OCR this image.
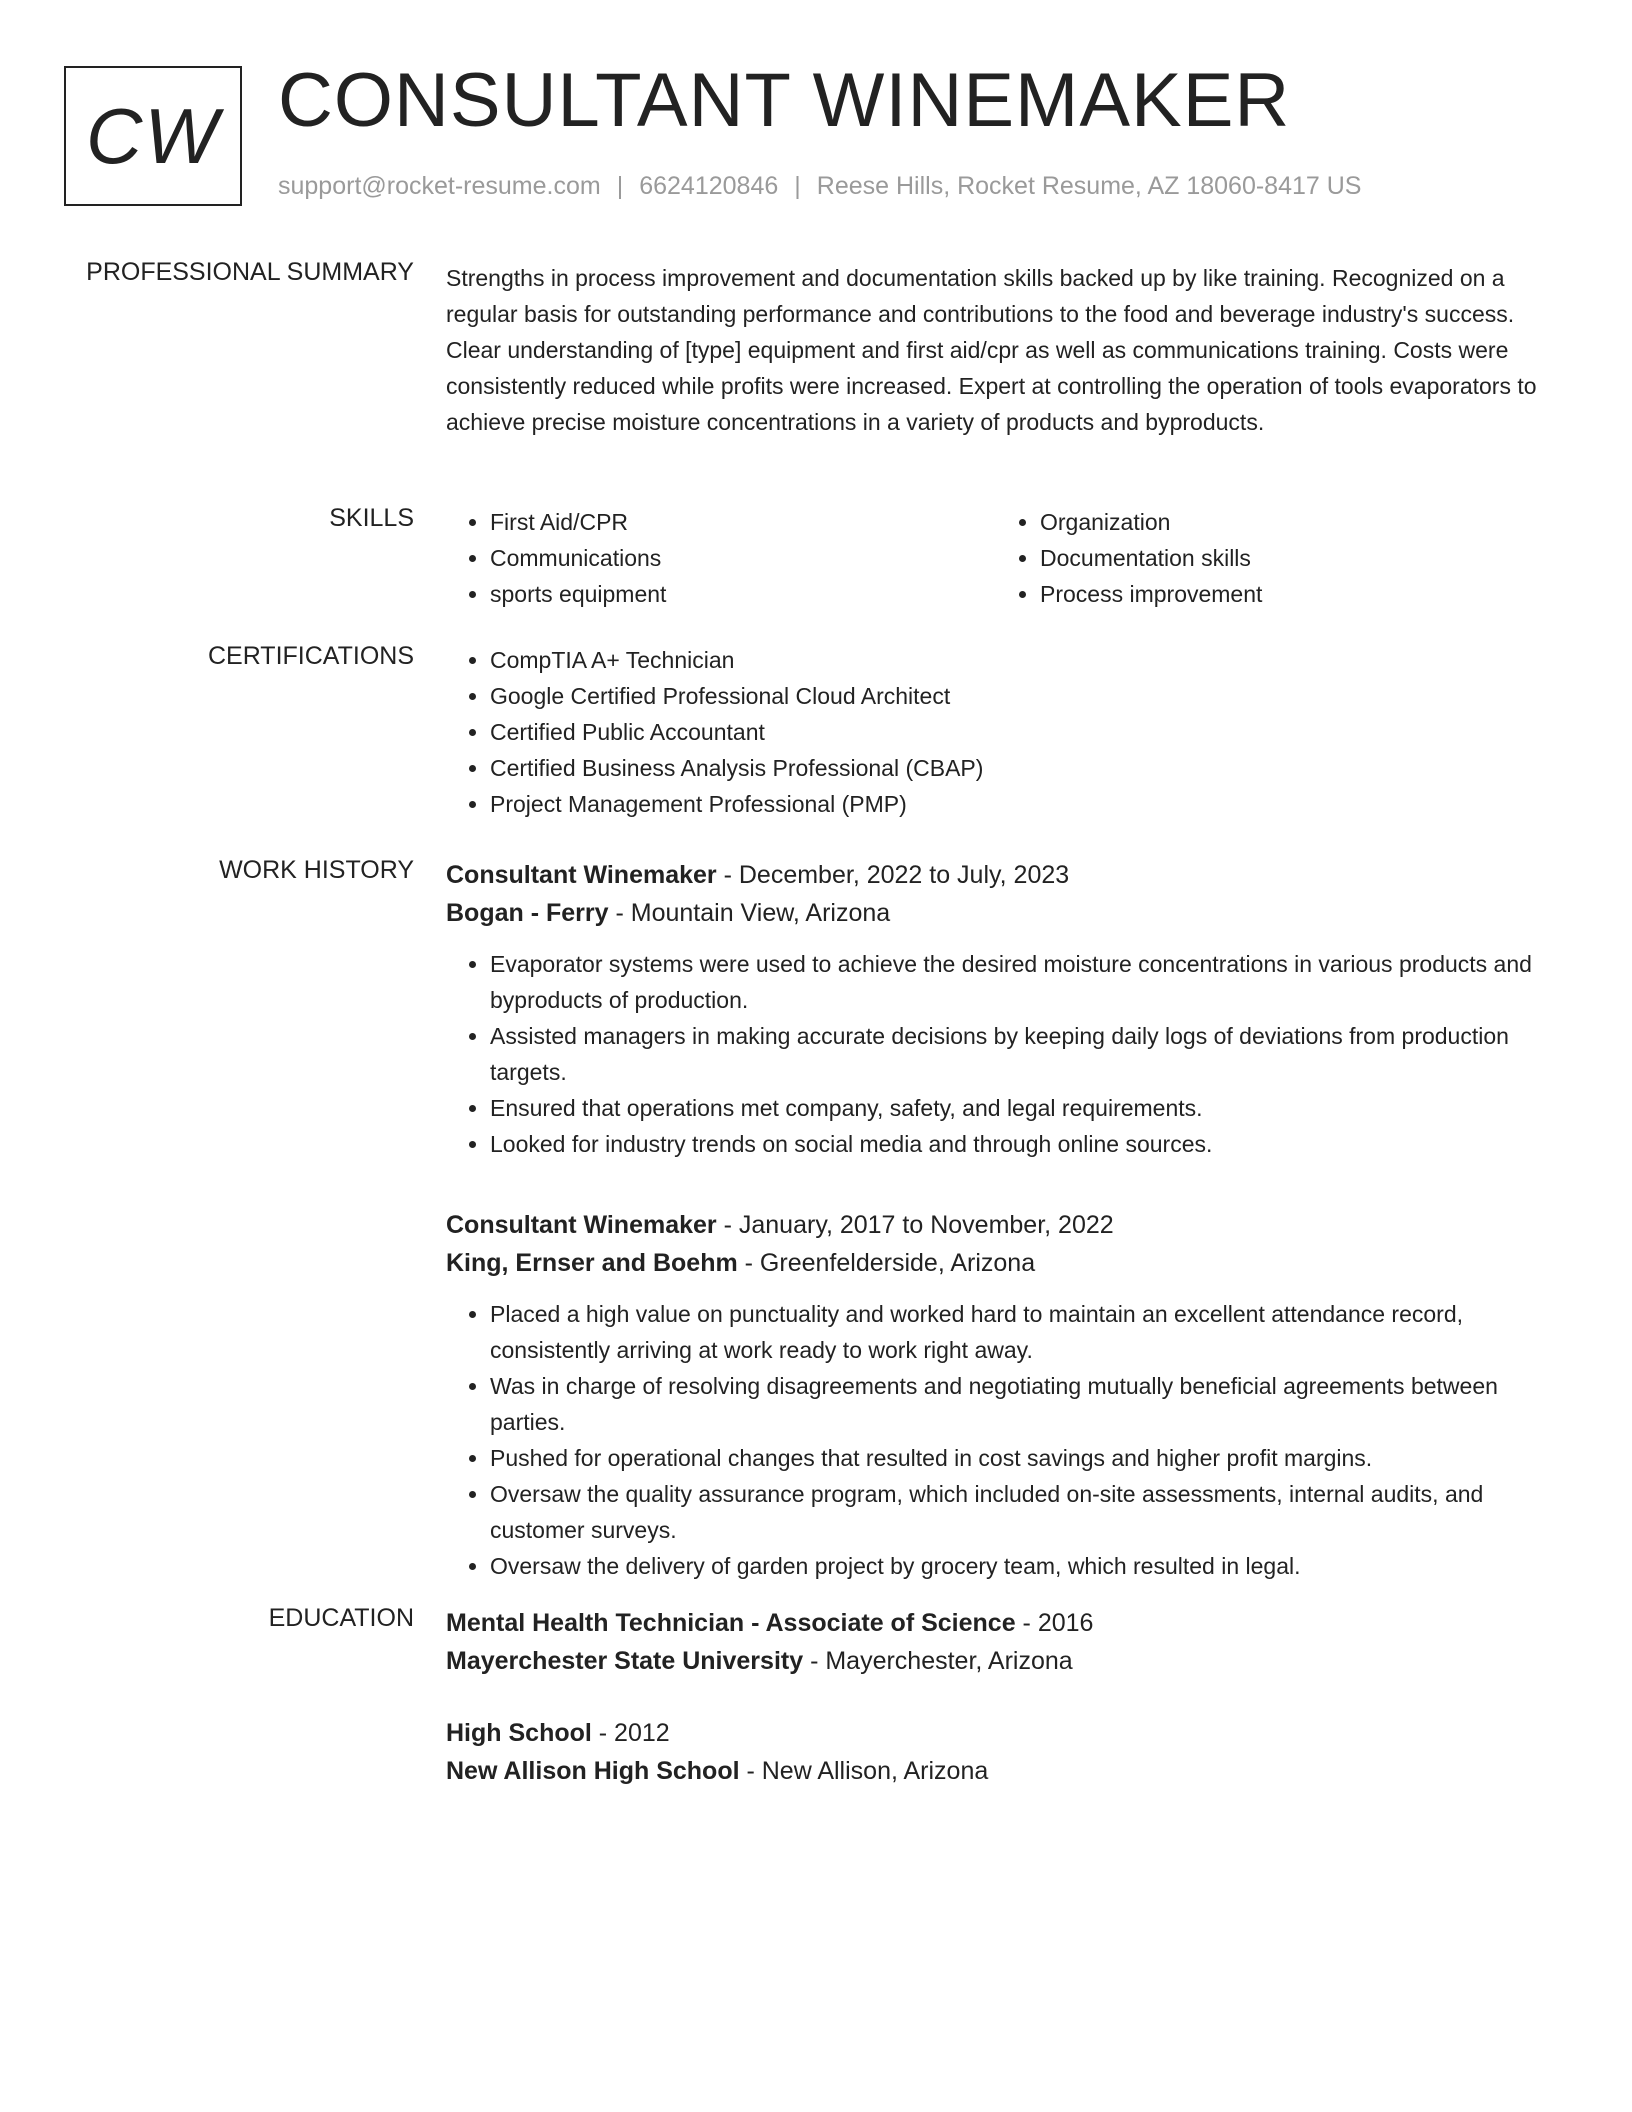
CW CONSULTANT WINEMAKER
support@rocket-resume.com | 6624120846 | Reese Hills, Rocket Resume, AZ 18060-8417 US
PROFESSIONAL SUMMARY Strengths in process improvement and documentation skills backed up by like training. Recognized on a regular basis for outstanding performance and contributions to the food and beverage industry's success. Clear understanding of [type] equipment and first aid/cpr as well as communications training. Costs were consistently reduced while profits were increased. Expert at controlling the operation of tools evaporators to achieve precise moisture concentrations in a variety of products and byproducts.
SKILLS	• First Aid/CPR
• Communications
• sports equipment
• Organization
• Documentation skills
• Process improvement
CERTIFICATIONS	• CompTIA A+ Technician
• Google Certified Professional Cloud Architect
• Certified Public Accountant
• Certified Business Analysis Professional (CBAP)
• Project Management Professional (PMP)
WORK HISTORY Consultant Winemaker - December, 2022 to July, 2023
Bogan - Ferry - Mountain View, Arizona
• Evaporator systems were used to achieve the desired moisture concentrations in various products and byproducts of production.
• Assisted managers in making accurate decisions by keeping daily logs of deviations from production targets.
• Ensured that operations met company, safety, and legal requirements.
• Looked for industry trends on social media and through online sources.
Consultant Winemaker - January, 2017 to November, 2022
King, Ernser and Boehm - Greenfelderside, Arizona
• Placed a high value on punctuality and worked hard to maintain an excellent attendance record, consistently arriving at work ready to work right away.
• Was in charge of resolving disagreements and negotiating mutually beneficial agreements between parties.
• Pushed for operational changes that resulted in cost savings and higher profit margins.
• Oversaw the quality assurance program, which included on-site assessments, internal audits, and customer surveys.
• Oversaw the delivery of garden project by grocery team, which resulted in legal.
EDUCATION Mental Health Technician - Associate of Science - 2016
Mayerchester State University - Mayerchester, Arizona
High School - 2012
New Allison High School - New Allison, Arizona
